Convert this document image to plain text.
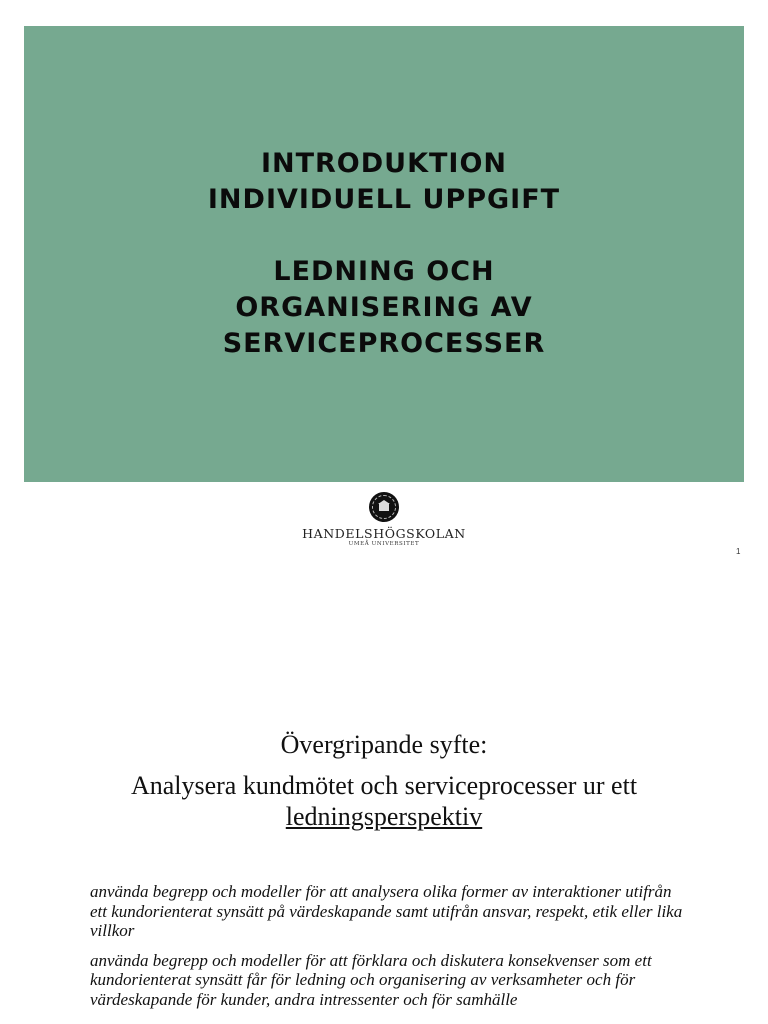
INTRODUKTION
INDIVIDUELL UPPGIFT
LEDNING OCH
ORGANISERING AV
SERVICEPROCESSER
HANDELSHÖGSKOLAN
UMEÅ UNIVERSITET
1
Övergripande syfte:
Analysera kundmötet och serviceprocesser ur ett ledningsperspektiv

använda begrepp och modeller för att analysera olika former av interaktioner utifrån ett kundorienterat synsätt på värdeskapande samt utifrån ansvar, respekt, etik eller lika villkor

använda begrepp och modeller för att förklara och diskutera konsekvenser som ett kundorienterat synsätt får för ledning och organisering av verksamheter och för värdeskapande för kunder, andra intressenter och för samhälle
